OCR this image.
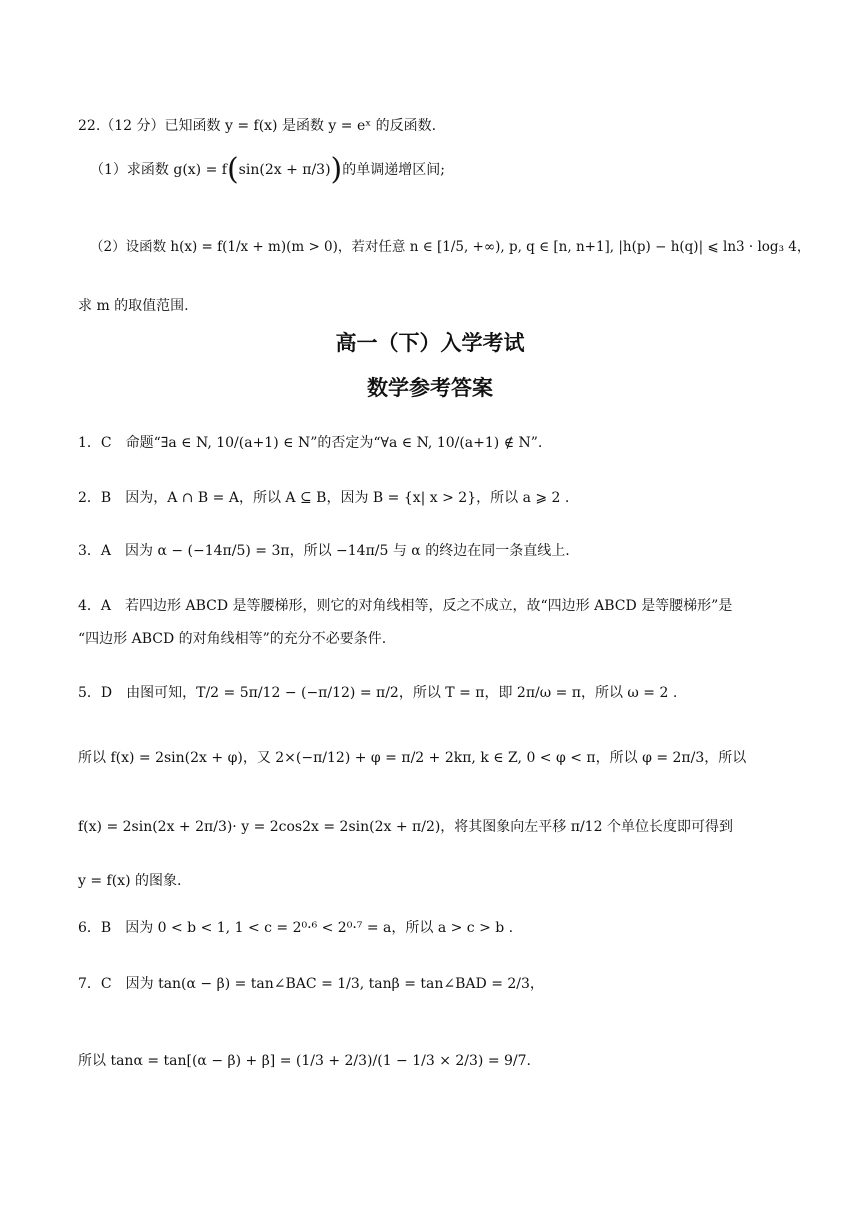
22.（12 分）已知函数 y = f(x) 是函数 y = eˣ 的反函数.
（1）求函数 g(x) = f(sin(2x + π/3))的单调递增区间;
（2）设函数 h(x) = f(1/x + m)(m > 0)，若对任意 n ∈ [1/5, +∞), p, q ∈ [n, n+1], |h(p) − h(q)| ⩽ ln3 · log₃ 4，
求 m 的取值范围.
高一（下）入学考试
数学参考答案
1．C　命题“∃a ∈ N, 10/(a+1) ∈ N”的否定为“∀a ∈ N, 10/(a+1) ∉ N”.
2．B　因为，A ∩ B = A，所以 A ⊆ B，因为 B = {x| x > 2}，所以 a ⩾ 2 .
3．A　因为 α − (−14π/5) = 3π，所以 −14π/5 与 α 的终边在同一条直线上.
4．A　若四边形 ABCD 是等腰梯形，则它的对角线相等，反之不成立，故“四边形 ABCD 是等腰梯形”是
“四边形 ABCD 的对角线相等”的充分不必要条件.
5．D　由图可知，T/2 = 5π/12 − (−π/12) = π/2，所以 T = π，即 2π/ω = π，所以 ω = 2 .
所以 f(x) = 2sin(2x + φ)，又 2×(−π/12) + φ = π/2 + 2kπ, k ∈ Z, 0 < φ < π，所以 φ = 2π/3，所以
f(x) = 2sin(2x + 2π/3)· y = 2cos2x = 2sin(2x + π/2)，将其图象向左平移 π/12 个单位长度即可得到
y = f(x) 的图象.
6．B　因为 0 < b < 1, 1 < c = 2⁰·⁶ < 2⁰·⁷ = a，所以 a > c > b .
7．C　因为 tan(α − β) = tan∠BAC = 1/3, tanβ = tan∠BAD = 2/3，
所以 tanα = tan[(α − β) + β] = (1/3 + 2/3)/(1 − 1/3 × 2/3) = 9/7.
